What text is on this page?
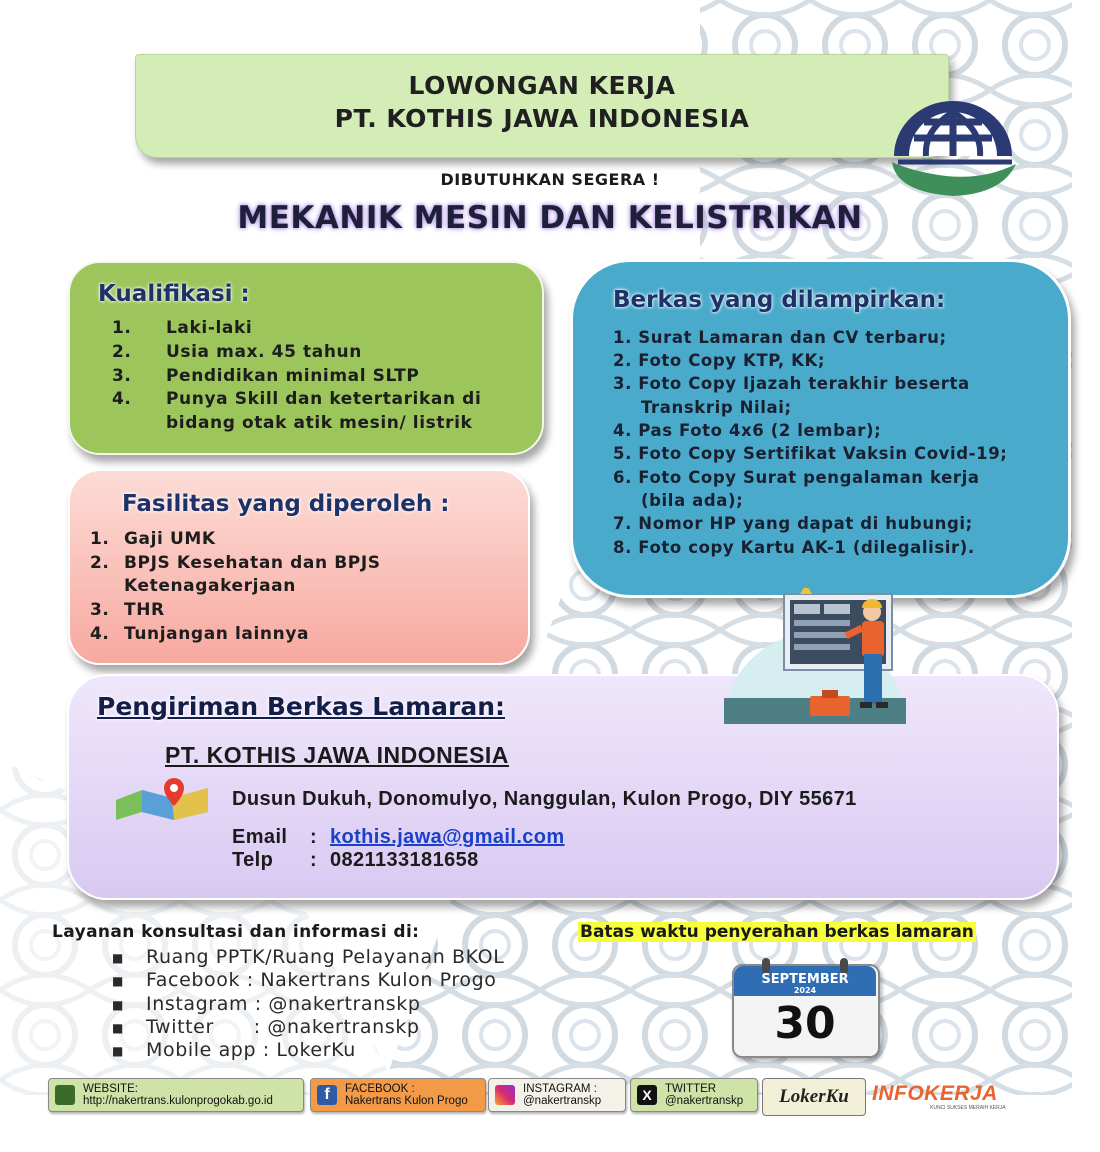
LOWONGAN KERJA
PT. KOTHIS JAWA INDONESIA
DIBUTUHKAN SEGERA !
MEKANIK MESIN DAN KELISTRIKAN
Kualifikasi :
1. Laki-laki
2. Usia max. 45 tahun
3. Pendidikan minimal SLTP
4. Punya Skill dan ketertarikan di
bidang otak atik mesin/ listrik
Fasilitas yang diperoleh :
1. Gaji UMK
2. BPJS Kesehatan dan BPJS
Ketenagakerjaan
3. THR
4. Tunjangan lainnya
Berkas yang dilampirkan:
1. Surat Lamaran dan CV terbaru;
2. Foto Copy KTP, KK;
3. Foto Copy Ijazah terakhir beserta
Transkrip Nilai;
4. Pas Foto 4x6 (2 lembar);
5. Foto Copy Sertifikat Vaksin Covid-19;
6. Foto Copy Surat pengalaman kerja
(bila ada);
7. Nomor HP yang dapat di hubungi;
8. Foto copy Kartu AK-1 (dilegalisir).
Pengiriman Berkas Lamaran:
PT. KOTHIS JAWA INDONESIA
Dusun Dukuh, Donomulyo, Nanggulan, Kulon Progo, DIY 55671
Email : kothis.jawa@gmail.com
Telp : 0821133181658
Layanan konsultasi dan informasi di:
■ Ruang PPTK/Ruang Pelayanan BKOL
■ Facebook : Nakertrans Kulon Progo
■ Instagram : @nakertranskp
■ Twitter      : @nakertranskp
■ Mobile app : LokerKu
Batas waktu penyerahan berkas lamaran
SEPTEMBER
2024
30
WEBSITE:
http://nakertrans.kulonprogokab.go.id	f	FACEBOOK :
Nakertrans Kulon Progo
INSTAGRAM :
@nakertranskp	X	TWITTER
@nakertranskp	LokerKu	INFOKERJA
KUNCI SUKSES MERAIH KERJA
